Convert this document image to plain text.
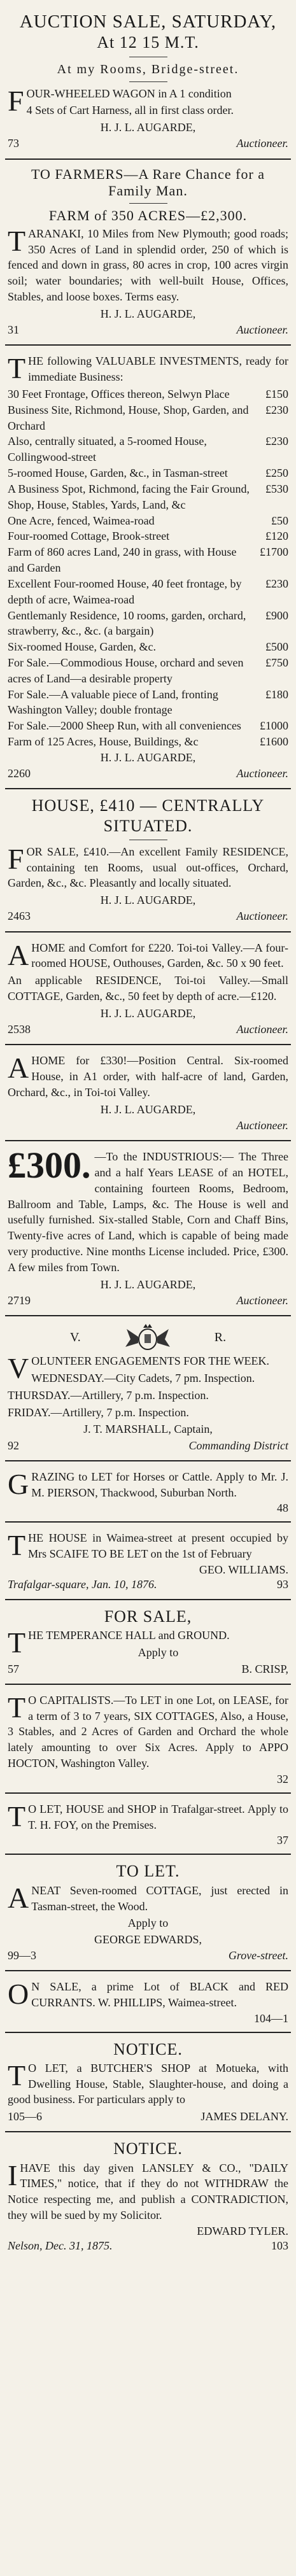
AUCTION SALE, SATURDAY,
At 12 15 M.T.
At my Rooms, Bridge-street.

FOUR-WHEELED WAGON in A 1 condition

4 Sets of Cart Harness, all in first class order.

H. J. L. AUGARDE,
73	Auctioneer.
TO FARMERS—A Rare Chance for a Family Man.
FARM of 350 ACRES—£2,300.

TARANAKI, 10 Miles from New Plymouth; good roads; 350 Acres of Land in splendid order, 250 of which is fenced and down in grass, 80 acres in crop, 100 acres virgin soil; water boundaries; with well-built House, Offices, Stables, and loose boxes. Terms easy.

H. J. L. AUGARDE,
31	Auctioneer.

THE following VALUABLE INVESTMENTS, ready for immediate Business:

30 Feet Frontage, Offices thereon, Selwyn Place	£150
Business Site, Richmond, House, Shop, Garden, and Orchard
£230
Also, centrally situated, a 5-roomed House, Collingwood-street
£230
5-roomed House, Garden, &c., in Tasman-street	£250
A Business Spot, Richmond, facing the Fair Ground, Shop, House, Stables, Yards, Land, &c
£530
One Acre, fenced, Waimea-road	£50
Four-roomed Cottage, Brook-street	£120
Farm of 860 acres Land, 240 in grass, with House and Garden
£1700
Excellent Four-roomed House, 40 feet frontage, by depth of acre, Waimea-road
£230
Gentlemanly Residence, 10 rooms, garden, orchard, strawberry, &c., &c. (a bargain)
£900
Six-roomed House, Garden, &c.	£500
For Sale.—Commodious House, orchard and seven acres of Land—a desirable property
£750
For Sale.—A valuable piece of Land, fronting Washington Valley; double frontage
£180
For Sale.—2000 Sheep Run, with all conveniences	£1000
Farm of 125 Acres, House, Buildings, &c	£1600
H. J. L. AUGARDE,
2260	Auctioneer.
HOUSE, £410 — CENTRALLY
SITUATED.

FOR SALE, £410.—An excellent Family RESIDENCE, containing ten Rooms, usual out-offices, Orchard, Garden, &c., &c. Pleasantly and locally situated.

H. J. L. AUGARDE,
2463	Auctioneer.

AHOME and Comfort for £220. Toi-toi Valley.—A four-roomed HOUSE, Outhouses, Garden, &c. 50 x 90 feet.

An applicable RESIDENCE, Toi-toi Valley.—Small COTTAGE, Garden, &c., 50 feet by depth of acre.—£120.

H. J. L. AUGARDE,
2538	Auctioneer.

AHOME for £330!—Position Central. Six-roomed House, in A1 order, with half-acre of land, Garden, Orchard, &c., in Toi-toi Valley.

H. J. L. AUGARDE,
Auctioneer.
£300. —To the INDUSTRIOUS:— The Three and a half Years LEASE of an HOTEL, containing fourteen Rooms, Bedroom, Ballroom and Table, Lamps, &c. The House is well and usefully furnished. Six-stalled Stable, Corn and Chaff Bins, Twenty-five acres of Land, which is capable of being made very productive. Nine months License included. Price, £300. A few miles from Town.

H. J. L. AUGARDE,
2719	Auctioneer.
V.	R.

VOLUNTEER ENGAGEMENTS FOR THE WEEK.

WEDNESDAY.—City Cadets, 7 pm. Inspection.

THURSDAY.—Artillery, 7 p.m. Inspection.

FRIDAY.—Artillery, 7 p.m. Inspection.

J. T. MARSHALL, Captain,
92	Commanding District

GRAZING to LET for Horses or Cattle. Apply to Mr. J. M. PIERSON, Thackwood, Suburban North.

48

THE HOUSE in Waimea-street at present occupied by Mrs SCAIFE TO BE LET on the 1st of February

GEO. WILLIAMS.
Trafalgar-square, Jan. 10, 1876.	93
FOR SALE,

THE TEMPERANCE HALL and GROUND.

Apply to
57	B. CRISP,

TO CAPITALISTS.—To LET in one Lot, on LEASE, for a term of 3 to 7 years, SIX COTTAGES, Also, a House, 3 Stables, and 2 Acres of Garden and Orchard the whole lately amounting to over Six Acres. Apply to APPO HOCTON, Washington Valley.

32

TO LET, HOUSE and SHOP in Trafalgar-street. Apply to T. H. FOY, on the Premises.

37
TO LET.

ANEAT Seven-roomed COTTAGE, just erected in Tasman-street, the Wood.

Apply to
GEORGE EDWARDS,
99—3	Grove-street.

ON SALE, a prime Lot of BLACK and RED CURRANTS. W. PHILLIPS, Waimea-street.

104—1
NOTICE.

TO LET, a BUTCHER'S SHOP at Motueka, with Dwelling House, Stable, Slaughter-house, and doing a good business. For particulars apply to

105—6	JAMES DELANY.
NOTICE.

IHAVE this day given LANSLEY & CO., "DAILY TIMES," notice, that if they do not WITHDRAW the Notice respecting me, and publish a CONTRADICTION, they will be sued by my Solicitor.

EDWARD TYLER.
Nelson, Dec. 31, 1875.	103
